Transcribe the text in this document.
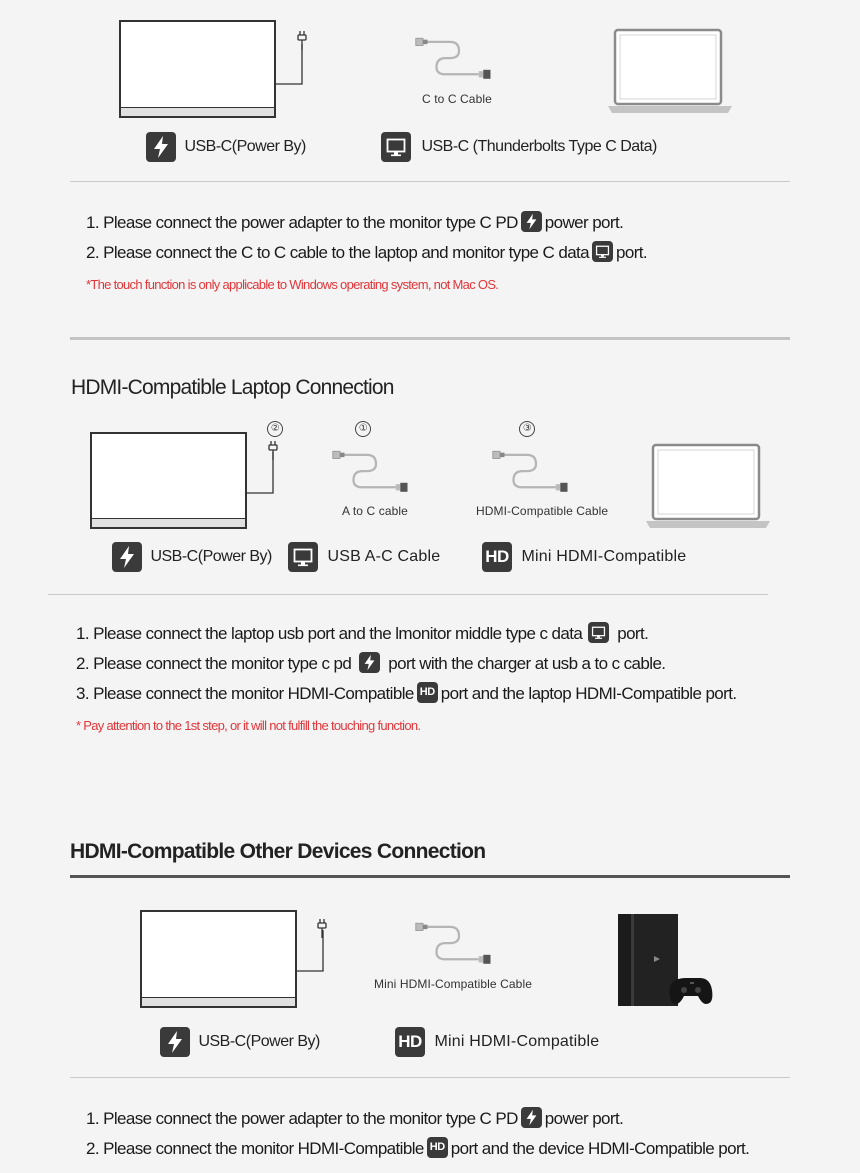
C to C Cable
USB-C(Power By)	USB-C (Thunderbolts Type C Data)
1. Please connect the power adapter to the monitor type C PD power port.
2. Please connect the C to C cable to the laptop and monitor type C data port.
*The touch function is only applicable to Windows operating system, not Mac OS.
HDMI-Compatible Laptop Connection
②	①
A to C cable
③
HDMI-Compatible Cable
USB-C(Power By)	USB A-C Cable	HD Mini HDMI-Compatible
1. Please connect the laptop usb port and the lmonitor middle type c data port.
2. Please connect the monitor type c pd port with the charger at usb a to c cable.
3. Please connect the monitor HDMI-Compatible HD port and the laptop HDMI-Compatible port.
* Pay attention to the 1st step, or it will not fulfill the touching function.
HDMI-Compatible Other Devices Connection
Mini HDMI-Compatible Cable
USB-C(Power By)	HD Mini HDMI-Compatible
1. Please connect the power adapter to the monitor type C PD power port.
2. Please connect the monitor HDMI-Compatible HD port and the device HDMI-Compatible port.
